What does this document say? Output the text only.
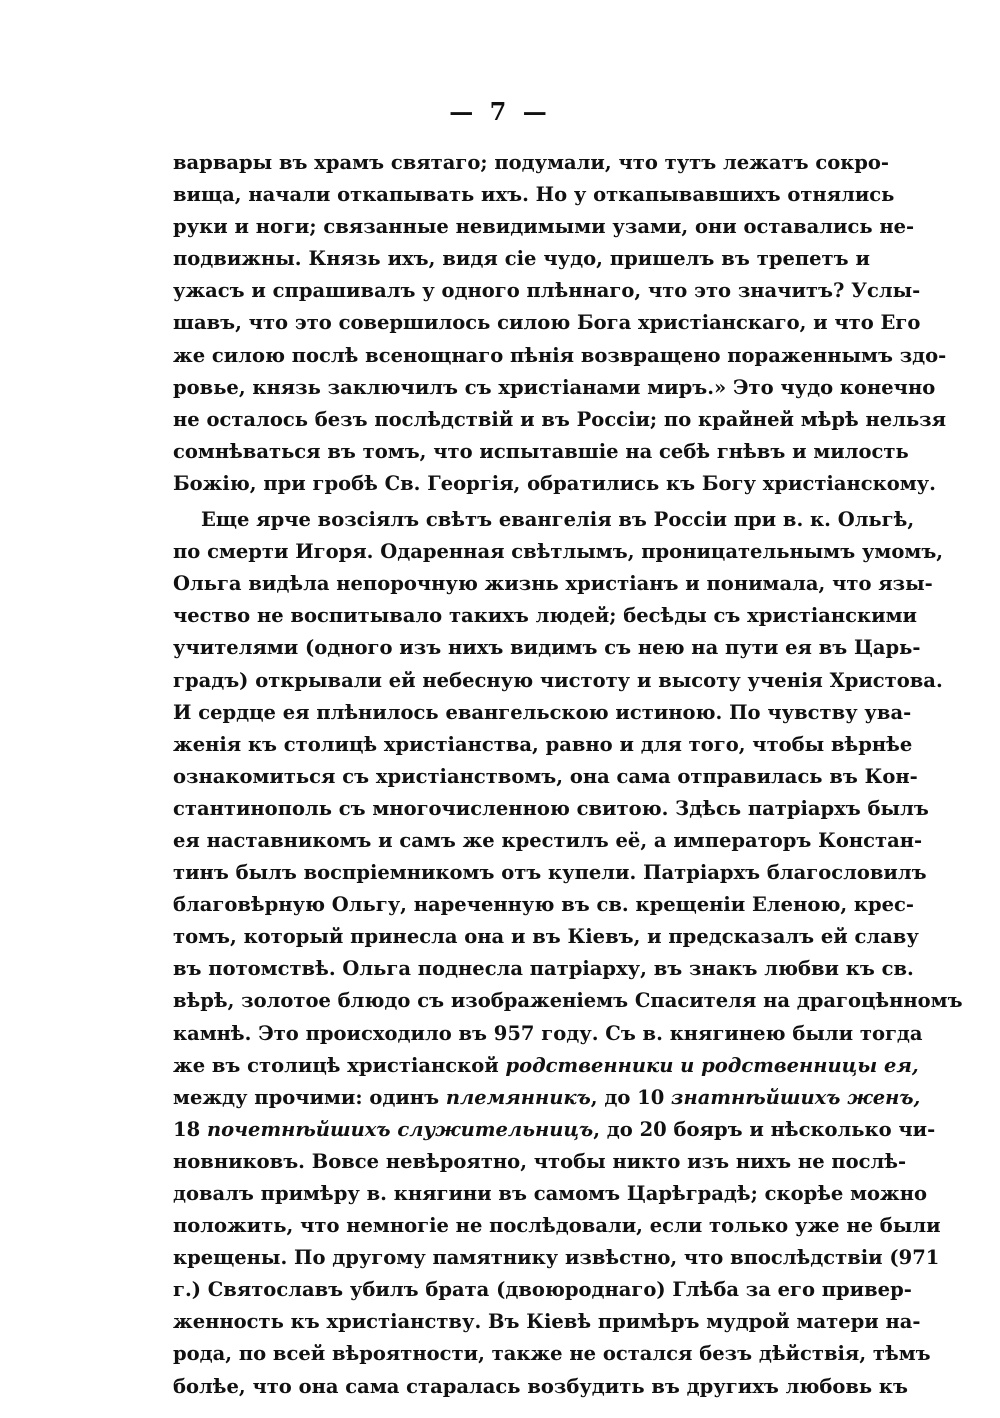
— 7 —
варвары въ храмъ святаго; подумали, что тутъ лежатъ сокро-
вища, начали откапывать ихъ. Но у откапывавшихъ отнялись
руки и ноги; связанные невидимыми узами, они оставались не-
подвижны. Князь ихъ, видя сіе чудо, пришелъ въ трепетъ и
ужасъ и спрашивалъ у одного плѣннаго, что это значитъ? Услы-
шавъ, что это совершилось силою Бога христіанскаго, и что Его
же силою послѣ всенощнаго пѣнія возвращено пораженнымъ здо-
ровье, князь заключилъ съ христіанами миръ.» Это чудо конечно
не осталось безъ послѣдствій и въ Россіи; по крайней мѣрѣ нельзя
сомнѣваться въ томъ, что испытавшіе на себѣ гнѣвъ и милость
Божію, при гробѣ Св. Георгія, обратились къ Богу христіанскому.
Еще ярче возсіялъ свѣтъ евангелія въ Россіи при в. к. Ольгѣ,
по смерти Игоря. Одаренная свѣтлымъ, проницательнымъ умомъ,
Ольга видѣла непорочную жизнь христіанъ и понимала, что язы-
чество не воспитывало такихъ людей; бесѣды съ христіанскими
учителями (одного изъ нихъ видимъ съ нею на пути ея въ Царь-
градъ) открывали ей небесную чистоту и высоту ученія Христова.
И сердце ея плѣнилось евангельскою истиною. По чувству ува-
женія къ столицѣ христіанства, равно и для того, чтобы вѣрнѣе
ознакомиться съ христіанствомъ, она сама отправилась въ Кон-
стантинополь съ многочисленною свитою. Здѣсь патріархъ былъ
ея наставникомъ и самъ же крестилъ её, а императоръ Констан-
тинъ былъ воспріемникомъ отъ купели. Патріархъ благословилъ
благовѣрную Ольгу, нареченную въ св. крещеніи Еленою, крес-
томъ, который принесла она и въ Кіевъ, и предсказалъ ей славу
въ потомствѣ. Ольга поднесла патріарху, въ знакъ любви къ св.
вѣрѣ, золотое блюдо съ изображеніемъ Спасителя на драгоцѣнномъ
камнѣ. Это происходило въ 957 году. Съ в. княгинею были тогда
же въ столицѣ христіанской родственники и родственницы ея,
между прочими: одинъ племянникъ, до 10 знатнѣйшихъ женъ,
18 почетнѣйшихъ служительницъ, до 20 бояръ и нѣсколько чи-
новниковъ. Вовсе невѣроятно, чтобы никто изъ нихъ не послѣ-
довалъ примѣру в. княгини въ самомъ Царѣградѣ; скорѣе можно
положить, что немногіе не послѣдовали, если только уже не были
крещены. По другому памятнику извѣстно, что впослѣдствіи (971
г.) Святославъ убилъ брата (двоюроднаго) Глѣба за его привер-
женность къ христіанству. Въ Кіевѣ примѣръ мудрой матери на-
рода, по всей вѣроятности, также не остался безъ дѣйствія, тѣмъ
болѣе, что она сама старалась возбудить въ другихъ любовь къ
